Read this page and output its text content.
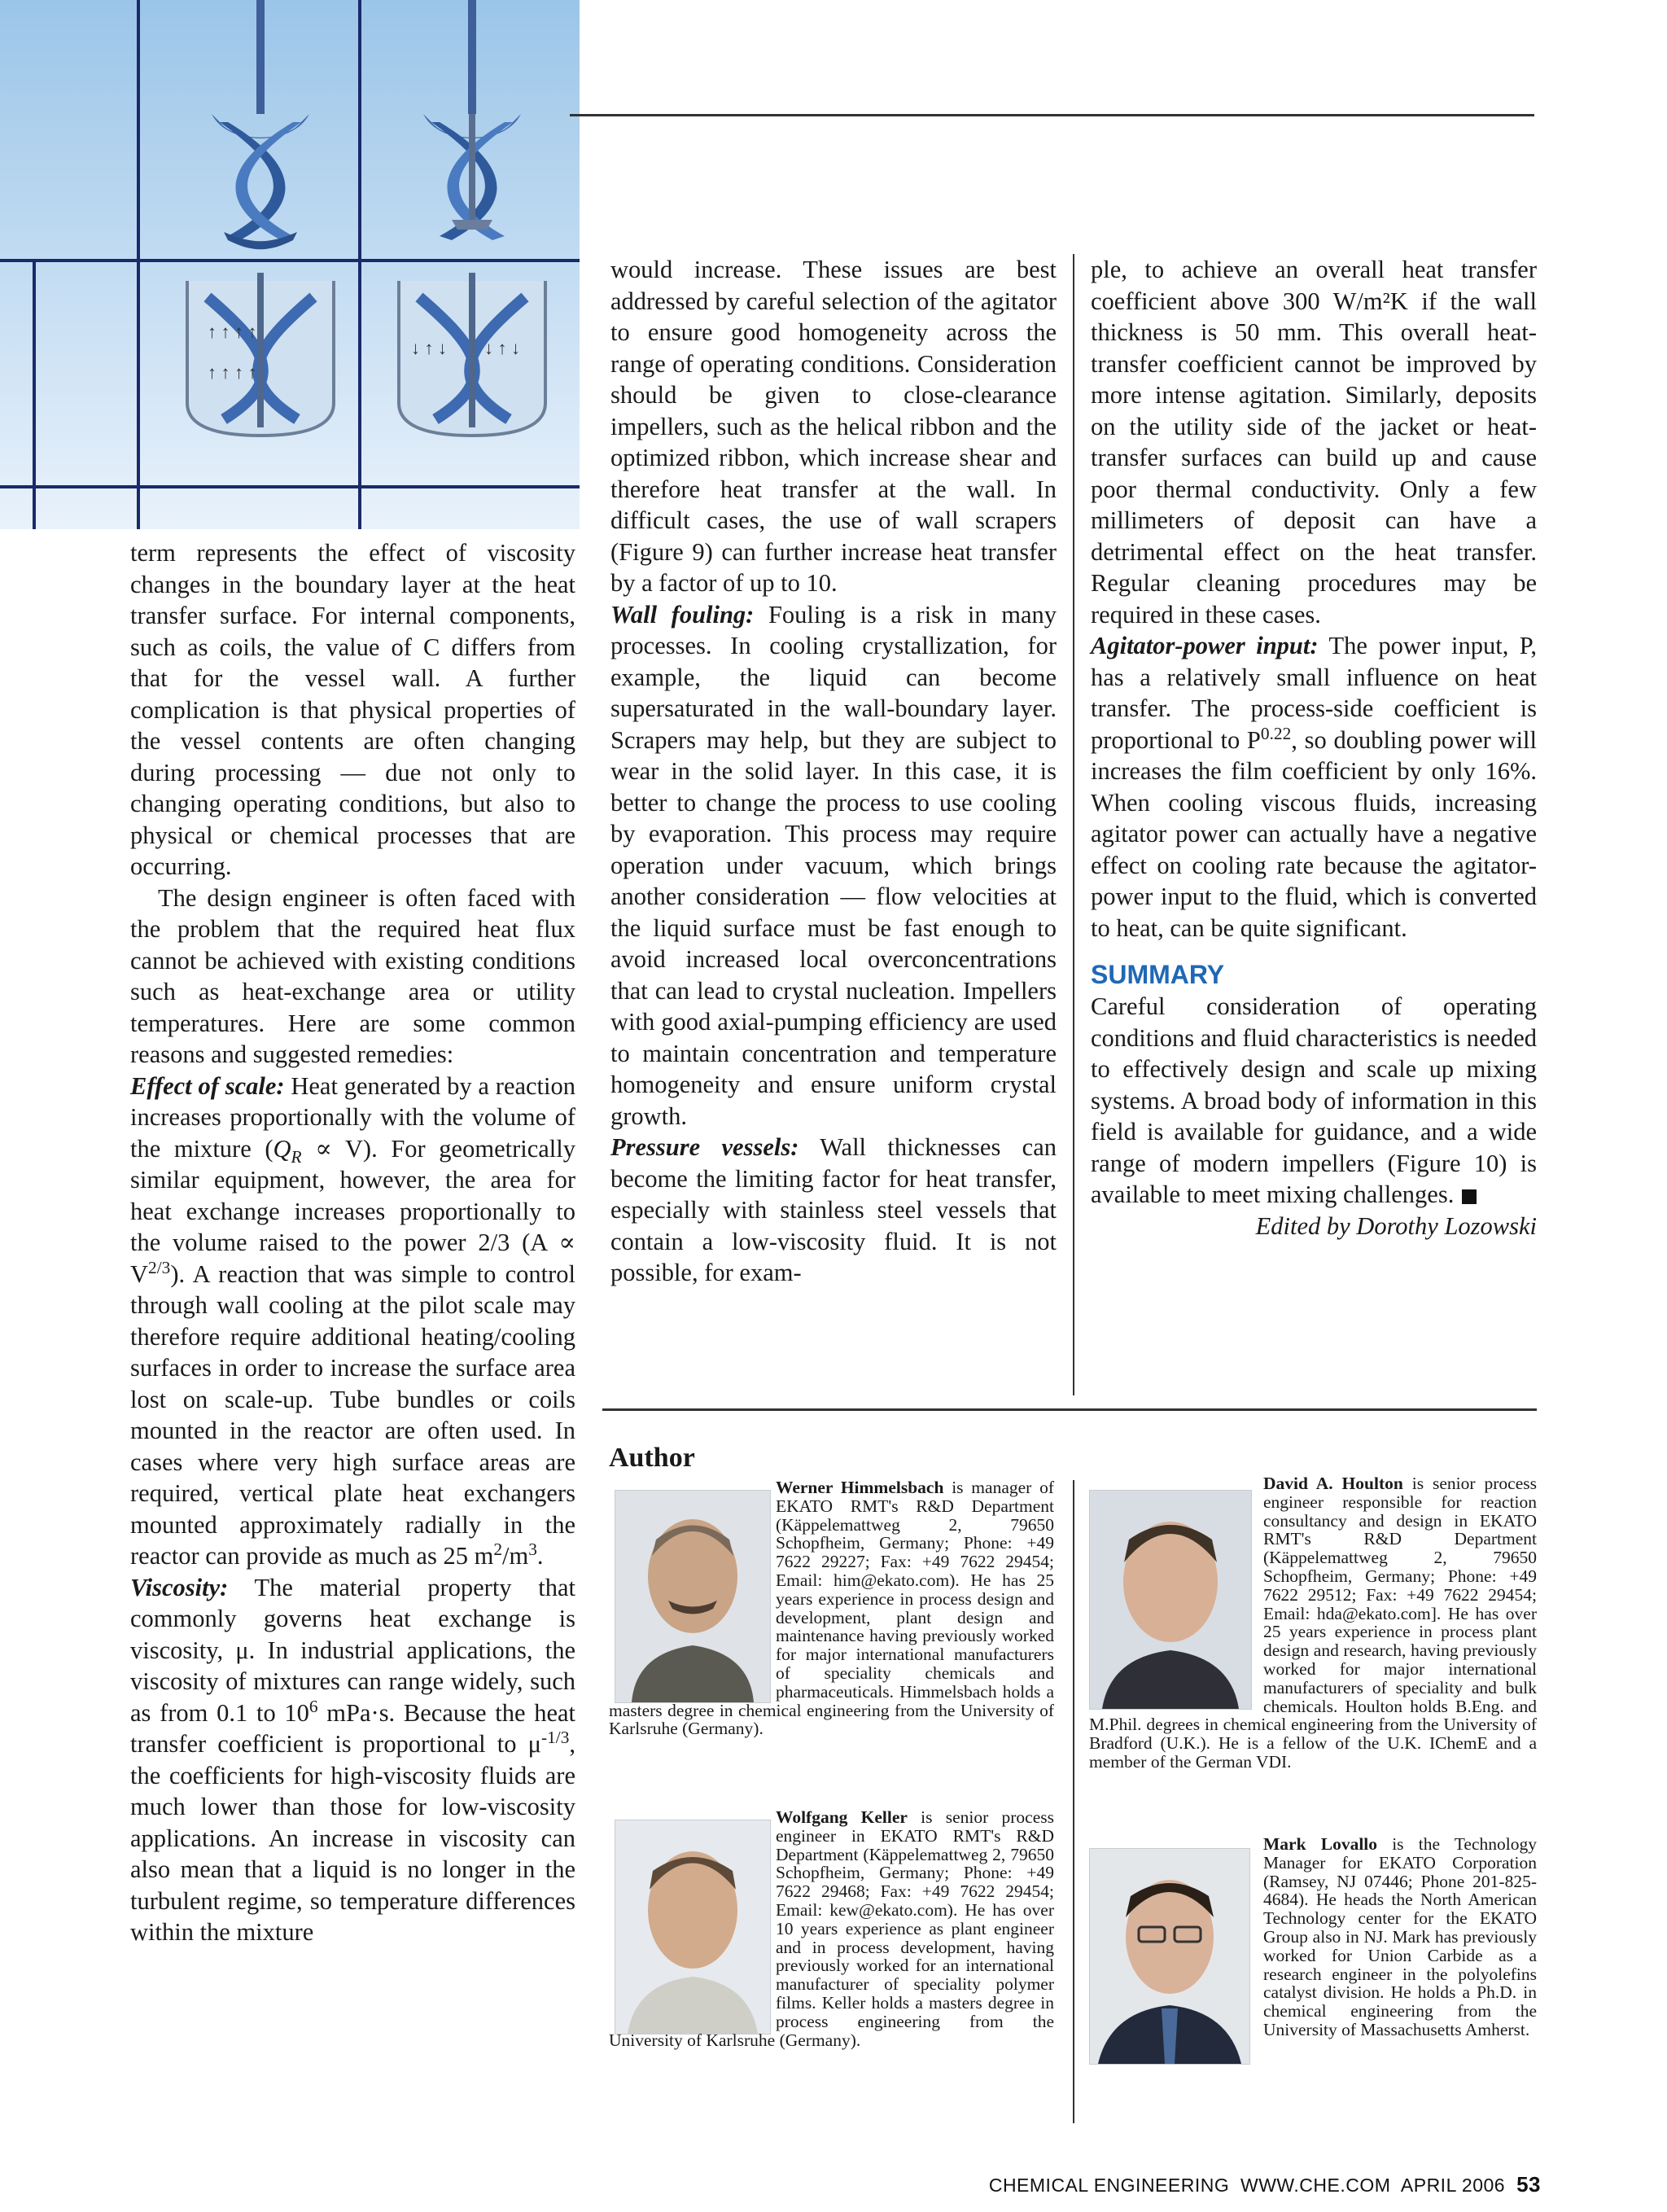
↑ ↑ ↑ ↑
↑ ↑ ↑ ↑
↓ ↑ ↓ ↓ ↑ ↓

term represents the effect of viscosity changes in the boundary layer at the heat transfer surface. For internal components, such as coils, the value of C differs from that for the vessel wall. A further complication is that physical properties of the vessel contents are often changing during processing — due not only to changing operating conditions, but also to physical or chemical processes that are occurring.

The design engineer is often faced with the problem that the required heat flux cannot be achieved with existing conditions such as heat-exchange area or utility temperatures. Here are some common reasons and suggested remedies:

Effect of scale: Heat generated by a reaction increases proportionally with the volume of the mixture $(Q_R \propto V)$. For geometrically similar equipment, however, the area for heat exchange increases proportionally to the volume raised to the power 2/3 $(A \propto V^{2/3})$. A reaction that was simple to control through wall cooling at the pilot scale may therefore require additional heating/cooling surfaces in order to increase the surface area lost on scale-up. Tube bundles or coils mounted in the reactor are often used. In cases where very high surface areas are required, vertical plate heat exchangers mounted approximately radially in the reactor can provide as much as 25 $m^2/m^3$.

Viscosity: The material property that commonly governs heat exchange is viscosity, μ. In industrial applications, the viscosity of mixtures can range widely, such as from 0.1 to $10^6$ mPa·s. Because the heat transfer coefficient is proportional to $\mu^{-1/3}$, the coefficients for high-viscosity fluids are much lower than those for low-viscosity applications. An increase in viscosity can also mean that a liquid is no longer in the turbulent regime, so temperature differences within the mixture

would increase. These issues are best addressed by careful selection of the agitator to ensure good homogeneity across the range of operating conditions. Consideration should be given to close-clearance impellers, such as the helical ribbon and the optimized ribbon, which increase shear and therefore heat transfer at the wall. In difficult cases, the use of wall scrapers (Figure 9) can further increase heat transfer by a factor of up to 10.

Wall fouling: Fouling is a risk in many processes. In cooling crystallization, for example, the liquid can become supersaturated in the wall-boundary layer. Scrapers may help, but they are subject to wear in the solid layer. In this case, it is better to change the process to use cooling by evaporation. This process may require operation under vacuum, which brings another consideration — flow velocities at the liquid surface must be fast enough to avoid increased local overconcentrations that can lead to crystal nucleation. Impellers with good axial-pumping efficiency are used to maintain concentration and temperature homogeneity and ensure uniform crystal growth.

Pressure vessels: Wall thicknesses can become the limiting factor for heat transfer, especially with stainless steel vessels that contain a low-viscosity fluid. It is not possible, for exam-

ple, to achieve an overall heat transfer coefficient above 300 W/m²K if the wall thickness is 50 mm. This overall heat-transfer coefficient cannot be improved by more intense agitation. Similarly, deposits on the utility side of the jacket or heat-transfer surfaces can build up and cause poor thermal conductivity. Only a few millimeters of deposit can have a detrimental effect on the heat transfer. Regular cleaning procedures may be required in these cases.

Agitator-power input: The power input, P, has a relatively small influence on heat transfer. The process-side coefficient is proportional to $P^{0.22}$, so doubling power will increases the film coefficient by only 16%. When cooling viscous fluids, increasing agitator power can actually have a negative effect on cooling rate because the agitator-power input to the fluid, which is converted to heat, can be quite significant.

SUMMARY

Careful consideration of operating conditions and fluid characteristics is needed to effectively design and scale up mixing systems. A broad body of information in this field is available for guidance, and a wide range of modern impellers (Figure 10) is available to meet mixing challenges.

Edited by Dorothy Lozowski

Author
Werner Himmelsbach is manager of EKATO RMT's R&D Department (Käppelemattweg 2, 79650 Schopfheim, Germany; Phone: +49 7622 29227; Fax: +49 7622 29454; Email: him@ekato.com). He has 25 years experience in process design and development, plant design and maintenance having previously worked for major international manufacturers of speciality chemicals and pharmaceuticals. Himmelsbach holds a masters degree in chemical engineering from the University of Karlsruhe (Germany).
Wolfgang Keller is senior process engineer in EKATO RMT's R&D Department (Käppelemattweg 2, 79650 Schopfheim, Germany; Phone: +49 7622 29468; Fax: +49 7622 29454; Email: kew@ekato.com). He has over 10 years experience as plant engineer and in process development, having previously worked for an international manufacturer of speciality polymer films. Keller holds a masters degree in process engineering from the University of Karlsruhe (Germany).
David A. Houlton is senior process engineer responsible for reaction consultancy and design in EKATO RMT's R&D Department (Käppelemattweg 2, 79650 Schopfheim, Germany; Phone: +49 7622 29512; Fax: +49 7622 29454; Email: hda@ekato.com]. He has over 25 years experience in process plant design and research, having previously worked for major international manufacturers of speciality and bulk chemicals. Houlton holds B.Eng. and M.Phil. degrees in chemical engineering from the University of Bradford (U.K.). He is a fellow of the U.K. IChemE and a member of the German VDI.
Mark Lovallo is the Technology Manager for EKATO Corporation (Ramsey, NJ 07446; Phone 201-825-4684). He heads the North American Technology center for the EKATO Group also in NJ. Mark has previously worked for Union Carbide as a research engineer in the polyolefins catalyst division. He holds a Ph.D. in chemical engineering from the University of Massachusetts Amherst.
CHEMICAL ENGINEERING  WWW.CHE.COM  APRIL 2006 53
